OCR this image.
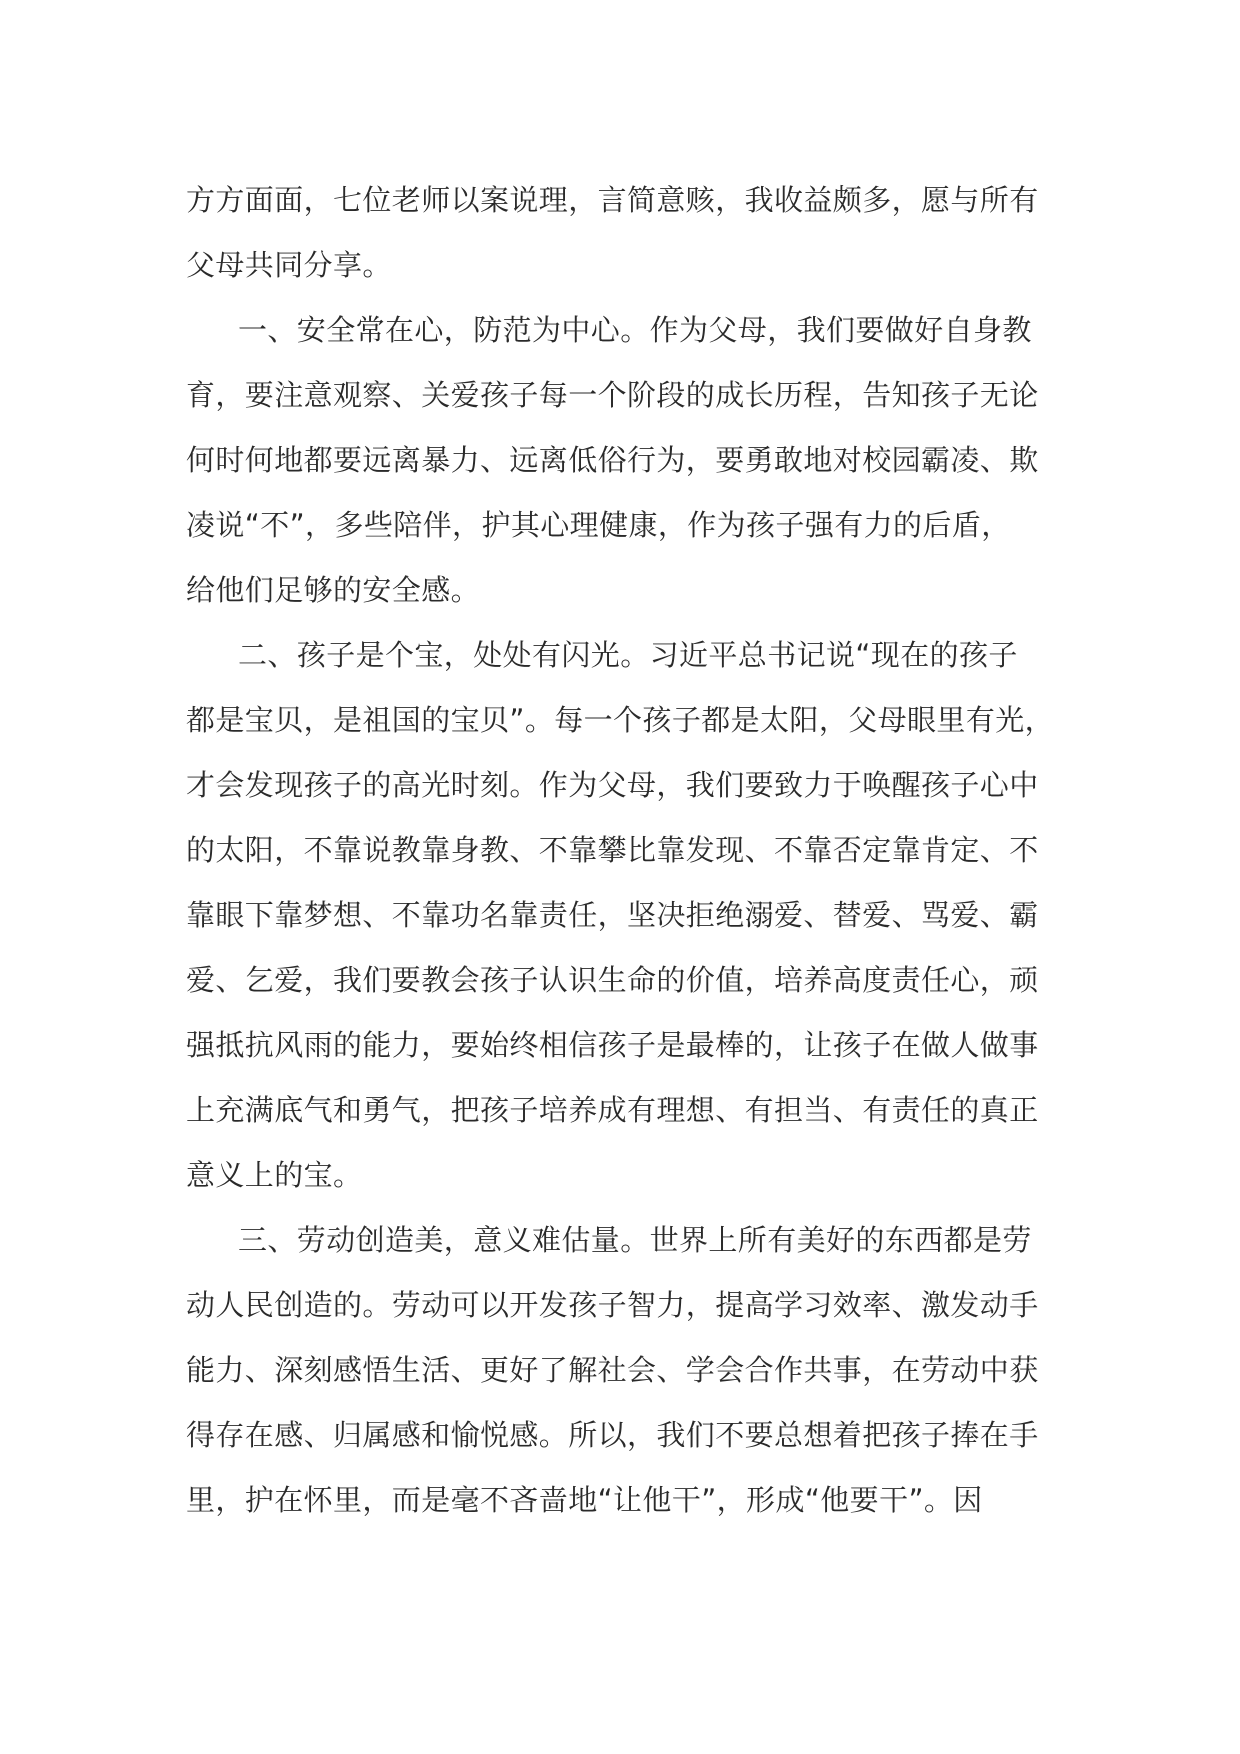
方方面面，七位老师以案说理，言简意赅，我收益颇多，愿与所有
父母共同分享。
一、安全常在心，防范为中心。作为父母，我们要做好自身教
育，要注意观察、关爱孩子每一个阶段的成长历程，告知孩子无论
何时何地都要远离暴力、远离低俗行为，要勇敢地对校园霸凌、欺
凌说“不”，多些陪伴，护其心理健康，作为孩子强有力的后盾，
给他们足够的安全感。
二、孩子是个宝，处处有闪光。习近平总书记说“现在的孩子
都是宝贝，是祖国的宝贝”。每一个孩子都是太阳，父母眼里有光，
才会发现孩子的高光时刻。作为父母，我们要致力于唤醒孩子心中
的太阳，不靠说教靠身教、不靠攀比靠发现、不靠否定靠肯定、不
靠眼下靠梦想、不靠功名靠责任，坚决拒绝溺爱、替爱、骂爱、霸
爱、乞爱，我们要教会孩子认识生命的价值，培养高度责任心，顽
强抵抗风雨的能力，要始终相信孩子是最棒的，让孩子在做人做事
上充满底气和勇气，把孩子培养成有理想、有担当、有责任的真正
意义上的宝。
三、劳动创造美，意义难估量。世界上所有美好的东西都是劳
动人民创造的。劳动可以开发孩子智力，提高学习效率、激发动手
能力、深刻感悟生活、更好了解社会、学会合作共事，在劳动中获
得存在感、归属感和愉悦感。所以，我们不要总想着把孩子捧在手
里，护在怀里，而是毫不吝啬地“让他干”，形成“他要干”。因
